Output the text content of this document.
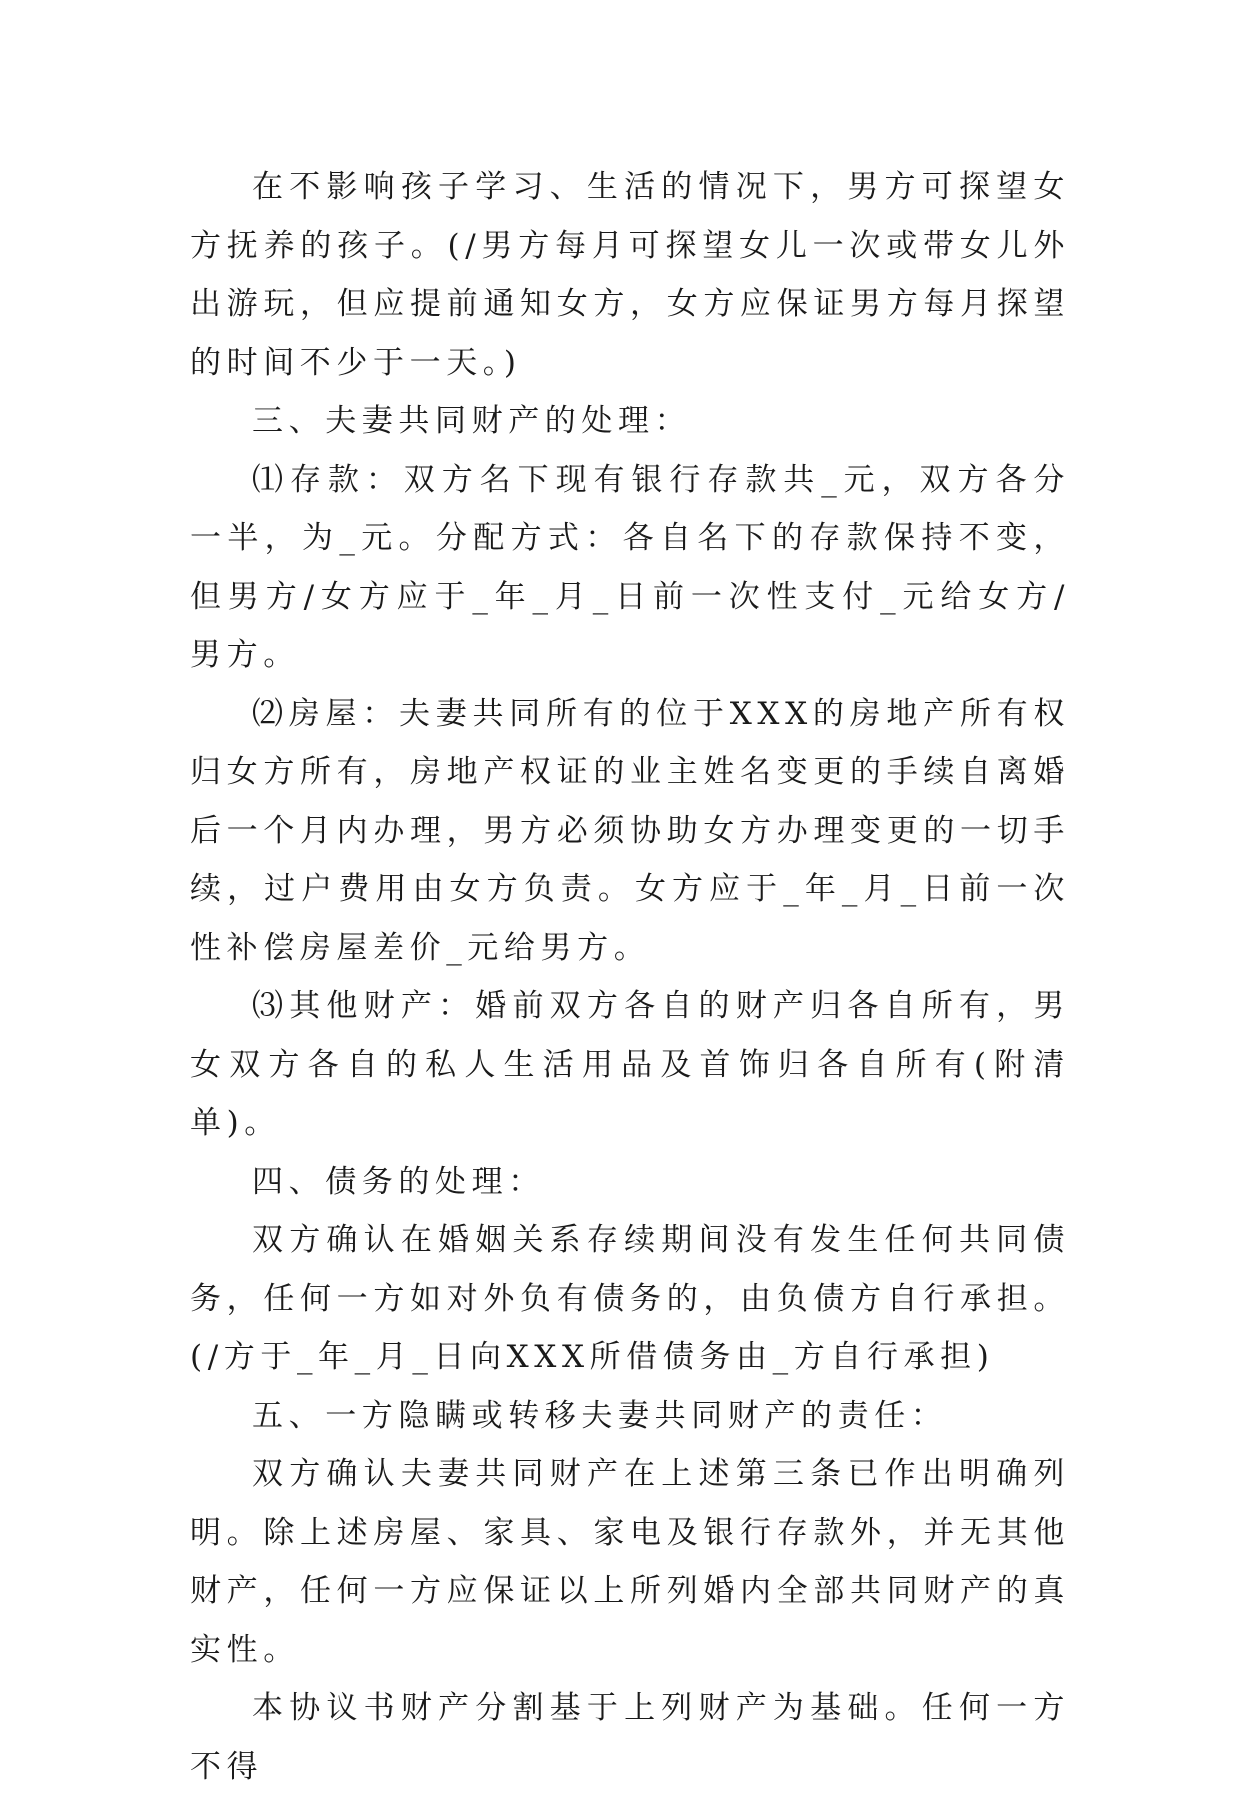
在不影响孩子学习、生活的情况下，男方可探望女方抚养的孩子。(/男方每月可探望女儿一次或带女儿外出游玩，但应提前通知女方，女方应保证男方每月探望的时间不少于一天。)

三、夫妻共同财产的处理：

⑴存款：双方名下现有银行存款共_元，双方各分一半，为_元。分配方式：各自名下的存款保持不变，但男方/女方应于_年_月_日前一次性支付_元给女方/男方。

⑵房屋：夫妻共同所有的位于XXX的房地产所有权归女方所有，房地产权证的业主姓名变更的手续自离婚后一个月内办理，男方必须协助女方办理变更的一切手续，过户费用由女方负责。女方应于_年_月_日前一次性补偿房屋差价_元给男方。

⑶其他财产：婚前双方各自的财产归各自所有，男女双方各自的私人生活用品及首饰归各自所有(附清单)。

四、债务的处理：

双方确认在婚姻关系存续期间没有发生任何共同债务，任何一方如对外负有债务的，由负债方自行承担。(/方于_年_月_日向XXX所借债务由_方自行承担)

五、一方隐瞒或转移夫妻共同财产的责任：

双方确认夫妻共同财产在上述第三条已作出明确列明。除上述房屋、家具、家电及银行存款外，并无其他财产，任何一方应保证以上所列婚内全部共同财产的真实性。

本协议书财产分割基于上列财产为基础。任何一方不得
